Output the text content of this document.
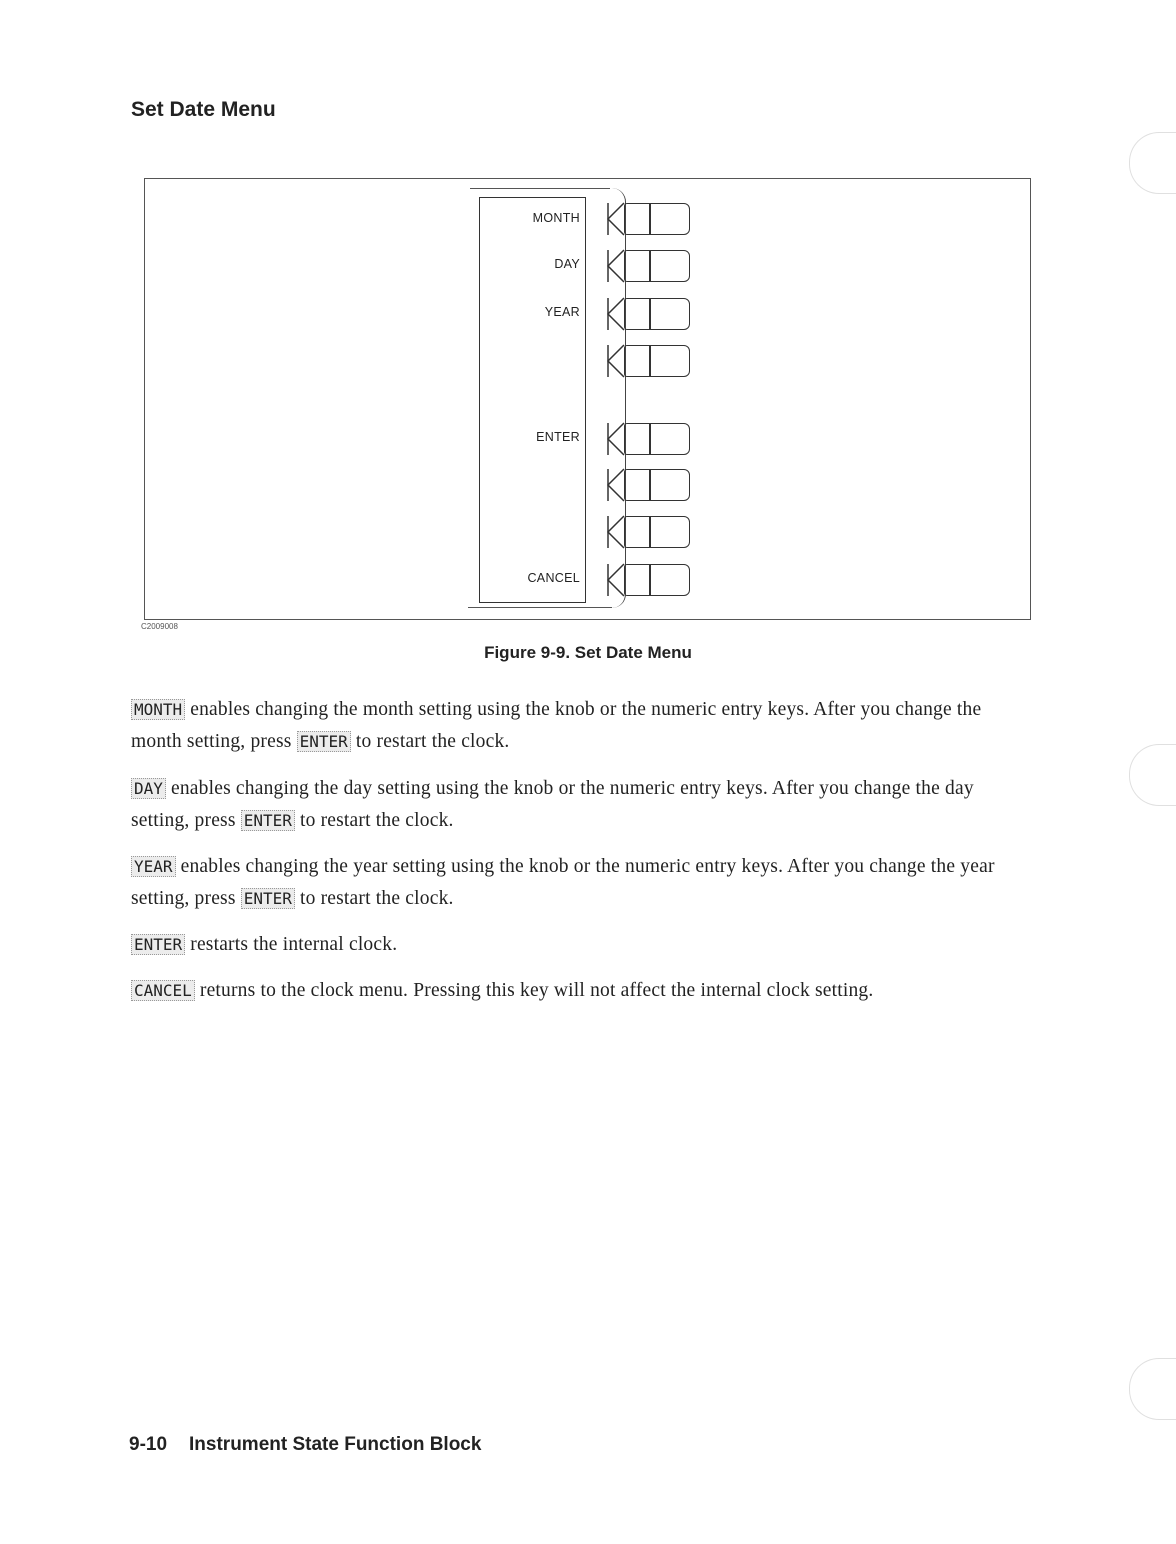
Set Date Menu
MONTH
DAY
YEAR
ENTER
CANCEL
C2009008
Figure 9-9. Set Date Menu

MONTH enables changing the month setting using the knob or the numeric entry keys. After you change the month setting, press ENTER to restart the clock.

DAY enables changing the day setting using the knob or the numeric entry keys. After you change the day setting, press ENTER to restart the clock.

YEAR enables changing the year setting using the knob or the numeric entry keys. After you change the year setting, press ENTER to restart the clock.

ENTER restarts the internal clock.

CANCEL returns to the clock menu. Pressing this key will not affect the internal clock setting.

9-10 Instrument State Function Block
